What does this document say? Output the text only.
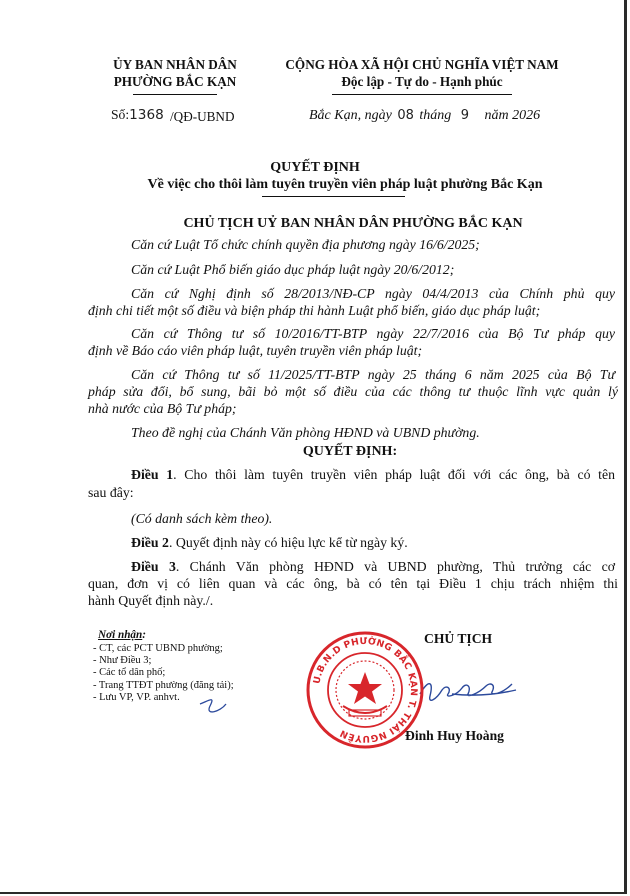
ỦY BAN NHÂN DÂN
PHƯỜNG BẮC KẠN
CỘNG HÒA XÃ HỘI CHỦ NGHĨA VIỆT NAM
Độc lập - Tự do - Hạnh phúc
Số:1368 /QĐ-UBND	Bắc Kạn, ngày 08 tháng 9 năm 2026
QUYẾT ĐỊNH
Về việc cho thôi làm tuyên truyền viên pháp luật phường Bắc Kạn
CHỦ TỊCH UỶ BAN NHÂN DÂN PHƯỜNG BẮC KẠN
Căn cứ Luật Tổ chức chính quyền địa phương ngày 16/6/2025;
Căn cứ Luật Phổ biến giáo dục pháp luật ngày 20/6/2012;
Căn cứ Nghị định số 28/2013/NĐ-CP ngày 04/4/2013 của Chính phủ quy
định chi tiết một số điều và biện pháp thi hành Luật phổ biến, giáo dục pháp luật;
Căn cứ Thông tư số 10/2016/TT-BTP ngày 22/7/2016 của Bộ Tư pháp quy
định về Báo cáo viên pháp luật, tuyên truyền viên pháp luật;
Căn cứ Thông tư số 11/2025/TT-BTP ngày 25 tháng 6 năm 2025 của Bộ Tư
pháp sửa đổi, bổ sung, bãi bỏ một số điều của các thông tư thuộc lĩnh vực quản lý
nhà nước của Bộ Tư pháp;
Theo đề nghị của Chánh Văn phòng HĐND và UBND phường.
QUYẾT ĐỊNH:
Điều 1. Cho thôi làm tuyên truyền viên pháp luật đối với các ông, bà có tên
sau đây:
(Có danh sách kèm theo).
Điều 2. Quyết định này có hiệu lực kể từ ngày ký.
Điều 3. Chánh Văn phòng HĐND và UBND phường, Thủ trưởng các cơ
quan, đơn vị có liên quan và các ông, bà có tên tại Điều 1 chịu trách nhiệm thi
hành Quyết định này./.
Nơi nhận:
- CT, các PCT UBND phường;
- Như Điều 3;
- Các tổ dân phố;
- Trang TTĐT phường (đăng tải);
- Lưu VP, VP. anhvt.
CHỦ TỊCH
U.B.N.D PHƯỜNG BẮC KẠN T. THÁI NGUYÊN	Đinh Huy Hoàng
